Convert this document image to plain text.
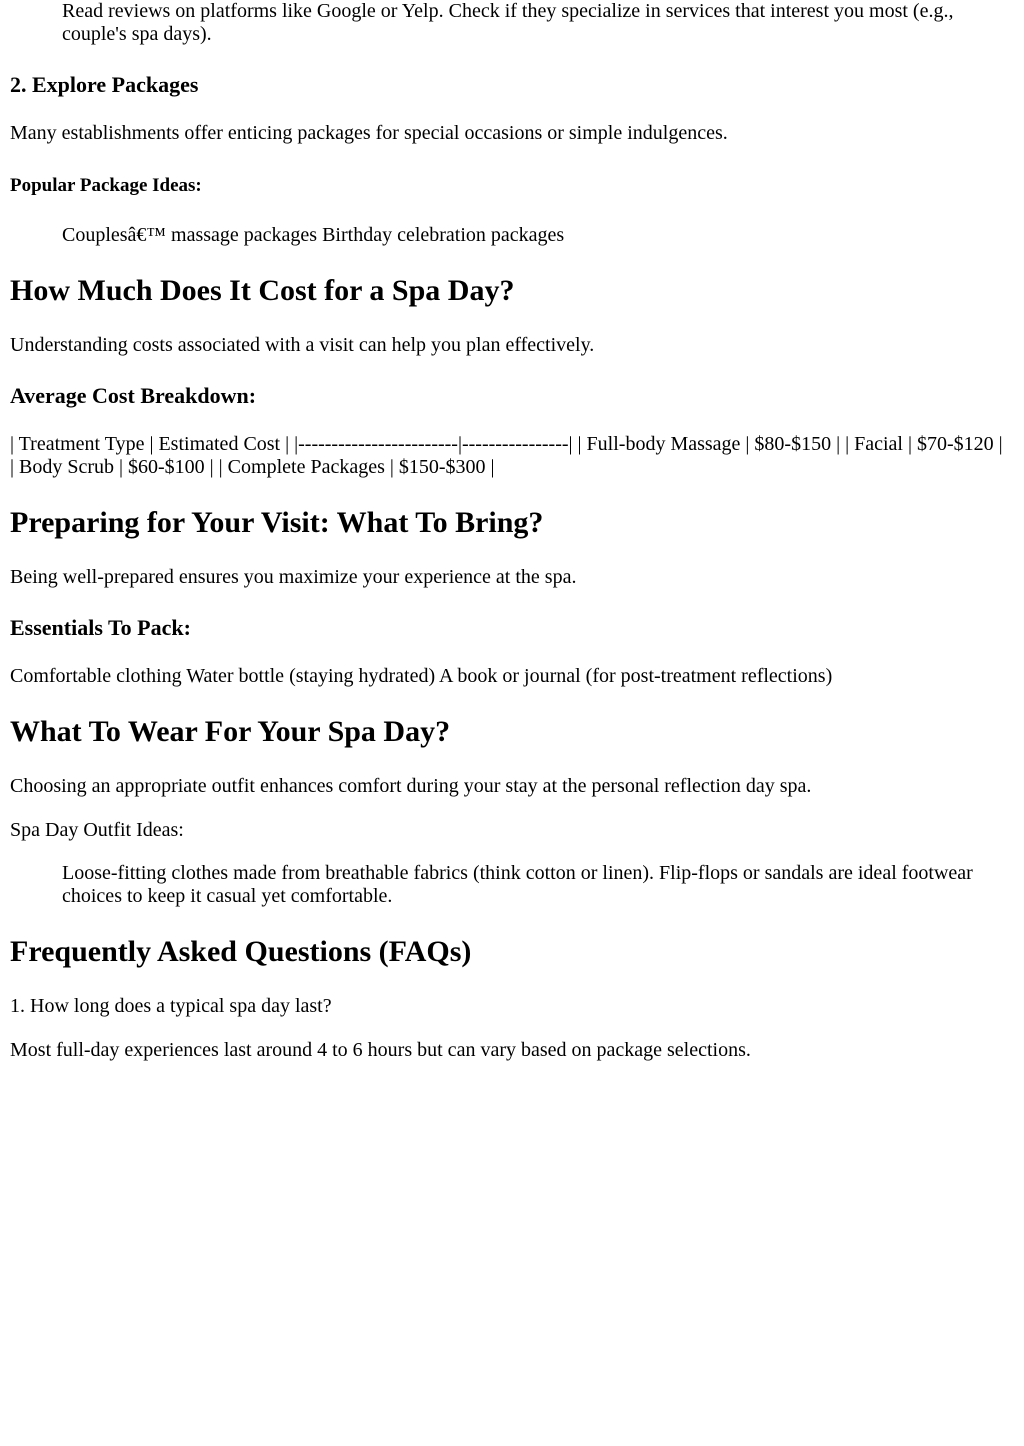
Read reviews on platforms like Google or Yelp. Check if they specialize in services that interest you most (e.g., couple's spa days).

2. Explore Packages

Many establishments offer enticing packages for special occasions or simple indulgences.

Popular Package Ideas:

Couplesâ€™ massage packages Birthday celebration packages

How Much Does It Cost for a Spa Day?

Understanding costs associated with a visit can help you plan effectively.

Average Cost Breakdown:

| Treatment Type | Estimated Cost | |------------------------|----------------| | Full-body Massage | $80-$150 | | Facial | $70-$120 | | Body Scrub | $60-$100 | | Complete Packages | $150-$300 |

Preparing for Your Visit: What To Bring?

Being well-prepared ensures you maximize your experience at the spa.

Essentials To Pack:

Comfortable clothing Water bottle (staying hydrated) A book or journal (for post-treatment reflections)

What To Wear For Your Spa Day?

Choosing an appropriate outfit enhances comfort during your stay at the personal reflection day spa.

Spa Day Outfit Ideas:

Loose-fitting clothes made from breathable fabrics (think cotton or linen). Flip-flops or sandals are ideal footwear choices to keep it casual yet comfortable.

Frequently Asked Questions (FAQs)

1. How long does a typical spa day last?

Most full-day experiences last around 4 to 6 hours but can vary based on package selections.
